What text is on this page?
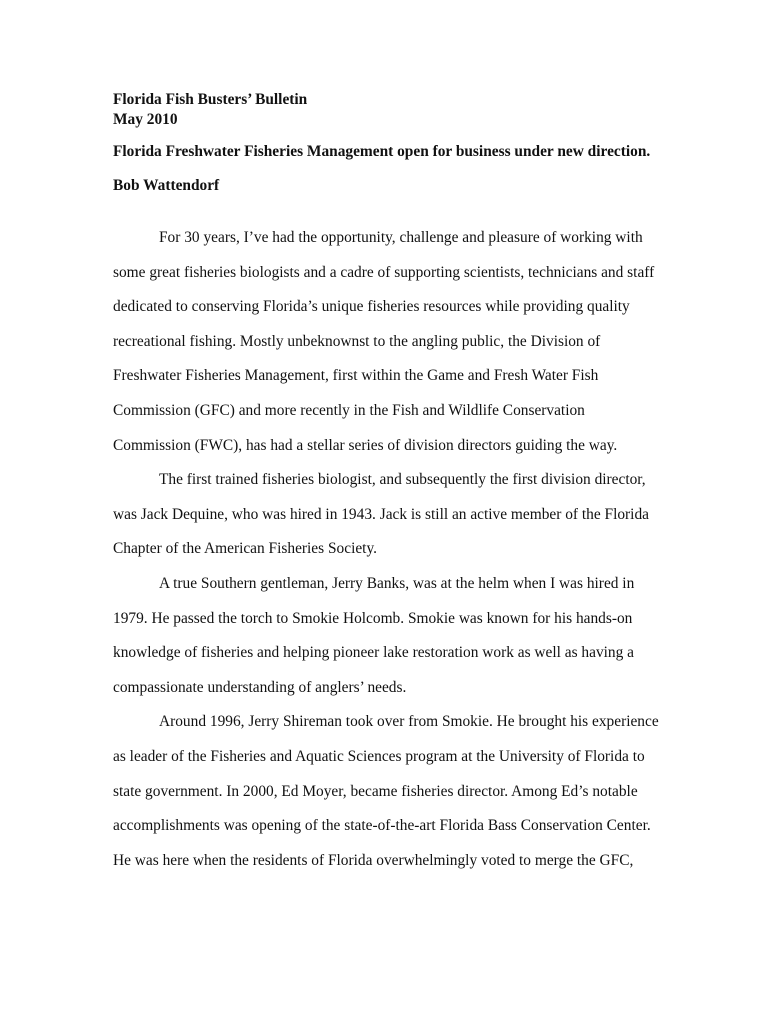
Florida Fish Busters’ Bulletin

May 2010

Florida Freshwater Fisheries Management open for business under new direction.
Bob Wattendorf

For 30 years, I’ve had the opportunity, challenge and pleasure of working with

some great fisheries biologists and a cadre of supporting scientists, technicians and staff

dedicated to conserving Florida’s unique fisheries resources while providing quality

recreational fishing. Mostly unbeknownst to the angling public, the Division of

Freshwater Fisheries Management, first within the Game and Fresh Water Fish

Commission (GFC) and more recently in the Fish and Wildlife Conservation

Commission (FWC), has had a stellar series of division directors guiding the way.

The first trained fisheries biologist, and subsequently the first division director,

was Jack Dequine, who was hired in 1943. Jack is still an active member of the Florida

Chapter of the American Fisheries Society.

A true Southern gentleman, Jerry Banks, was at the helm when I was hired in

1979. He passed the torch to Smokie Holcomb. Smokie was known for his hands-on

knowledge of fisheries and helping pioneer lake restoration work as well as having a

compassionate understanding of anglers’ needs.

Around 1996, Jerry Shireman took over from Smokie. He brought his experience

as leader of the Fisheries and Aquatic Sciences program at the University of Florida to

state government. In 2000, Ed Moyer, became fisheries director. Among Ed’s notable

accomplishments was opening of the state-of-the-art Florida Bass Conservation Center.

He was here when the residents of Florida overwhelmingly voted to merge the GFC,
